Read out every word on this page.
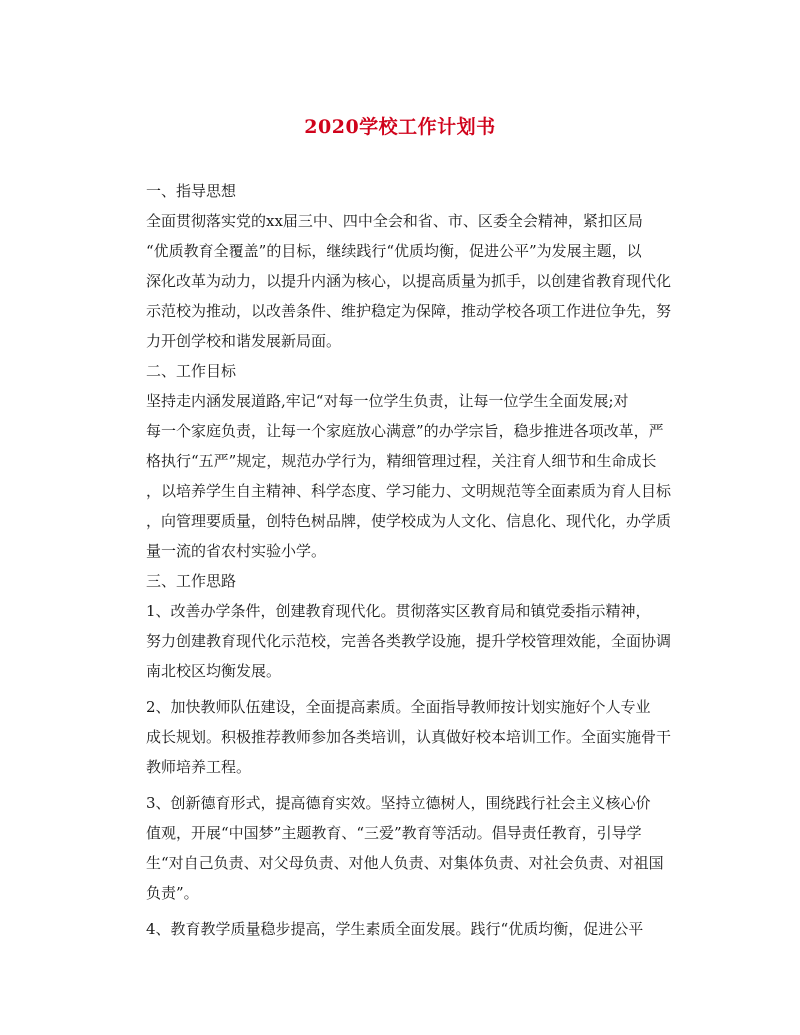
2020学校工作计划书
一、指导思想
全面贯彻落实党的xx届三中、四中全会和省、市、区委全会精神，紧扣区局
“优质教育全覆盖”的目标，继续践行“优质均衡，促进公平”为发展主题，以
深化改革为动力，以提升内涵为核心，以提高质量为抓手，以创建省教育现代化
示范校为推动，以改善条件、维护稳定为保障，推动学校各项工作进位争先，努
力开创学校和谐发展新局面。
二、工作目标
坚持走内涵发展道路,牢记“对每一位学生负责，让每一位学生全面发展;对
每一个家庭负责，让每一个家庭放心满意”的办学宗旨，稳步推进各项改革，严
格执行“五严”规定，规范办学行为，精细管理过程，关注育人细节和生命成长
，以培养学生自主精神、科学态度、学习能力、文明规范等全面素质为育人目标
，向管理要质量，创特色树品牌，使学校成为人文化、信息化、现代化，办学质
量一流的省农村实验小学。
三、工作思路
1、改善办学条件，创建教育现代化。贯彻落实区教育局和镇党委指示精神，
努力创建教育现代化示范校，完善各类教学设施，提升学校管理效能，全面协调
南北校区均衡发展。
2、加快教师队伍建设，全面提高素质。全面指导教师按计划实施好个人专业
成长规划。积极推荐教师参加各类培训，认真做好校本培训工作。全面实施骨干
教师培养工程。
3、创新德育形式，提高德育实效。坚持立德树人，围绕践行社会主义核心价
值观，开展“中国梦”主题教育、“三爱”教育等活动。倡导责任教育，引导学
生“对自己负责、对父母负责、对他人负责、对集体负责、对社会负责、对祖国
负责”。
4、教育教学质量稳步提高，学生素质全面发展。践行“优质均衡，促进公平
